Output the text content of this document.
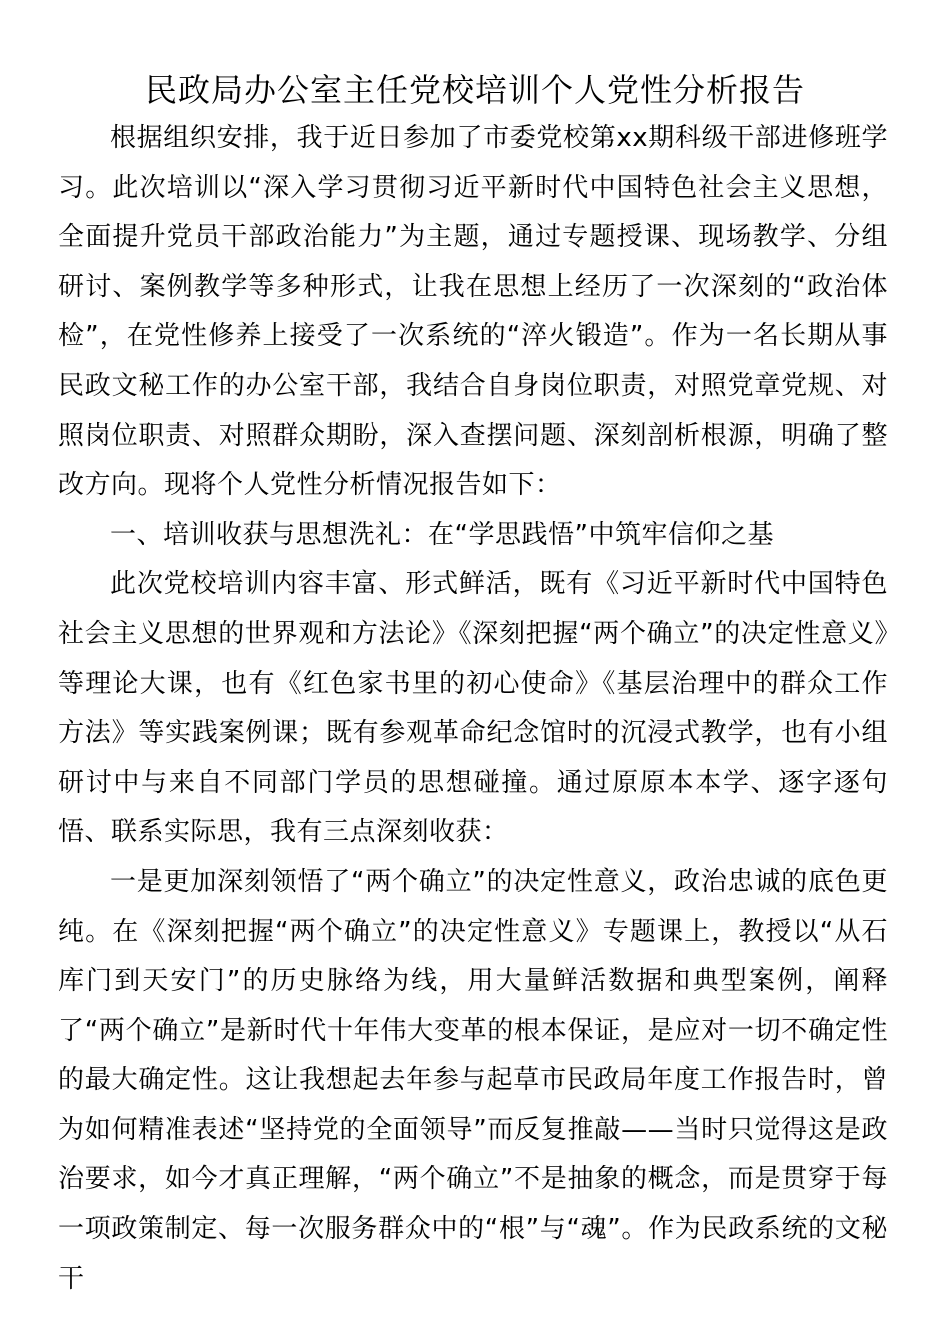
民政局办公室主任党校培训个人党性分析报告

根据组织安排，我于近日参加了市委党校第xx期科级干部进修班学习。此次培训以“深入学习贯彻习近平新时代中国特色社会主义思想，全面提升党员干部政治能力”为主题，通过专题授课、现场教学、分组研讨、案例教学等多种形式，让我在思想上经历了一次深刻的“政治体检”，在党性修养上接受了一次系统的“淬火锻造”。作为一名长期从事民政文秘工作的办公室干部，我结合自身岗位职责，对照党章党规、对照岗位职责、对照群众期盼，深入查摆问题、深刻剖析根源，明确了整改方向。现将个人党性分析情况报告如下：

一、培训收获与思想洗礼：在“学思践悟”中筑牢信仰之基

此次党校培训内容丰富、形式鲜活，既有《习近平新时代中国特色社会主义思想的世界观和方法论》《深刻把握“两个确立”的决定性意义》等理论大课，也有《红色家书里的初心使命》《基层治理中的群众工作方法》等实践案例课；既有参观革命纪念馆时的沉浸式教学，也有小组研讨中与来自不同部门学员的思想碰撞。通过原原本本学、逐字逐句悟、联系实际思，我有三点深刻收获：

一是更加深刻领悟了“两个确立”的决定性意义，政治忠诚的底色更纯。在《深刻把握“两个确立”的决定性意义》专题课上，教授以“从石库门到天安门”的历史脉络为线，用大量鲜活数据和典型案例，阐释了“两个确立”是新时代十年伟大变革的根本保证，是应对一切不确定性的最大确定性。这让我想起去年参与起草市民政局年度工作报告时，曾为如何精准表述“坚持党的全面领导”而反复推敲——当时只觉得这是政治要求，如今才真正理解，“两个确立”不是抽象的概念，而是贯穿于每一项政策制定、每一次服务群众中的“根”与“魂”。作为民政系统的文秘干
